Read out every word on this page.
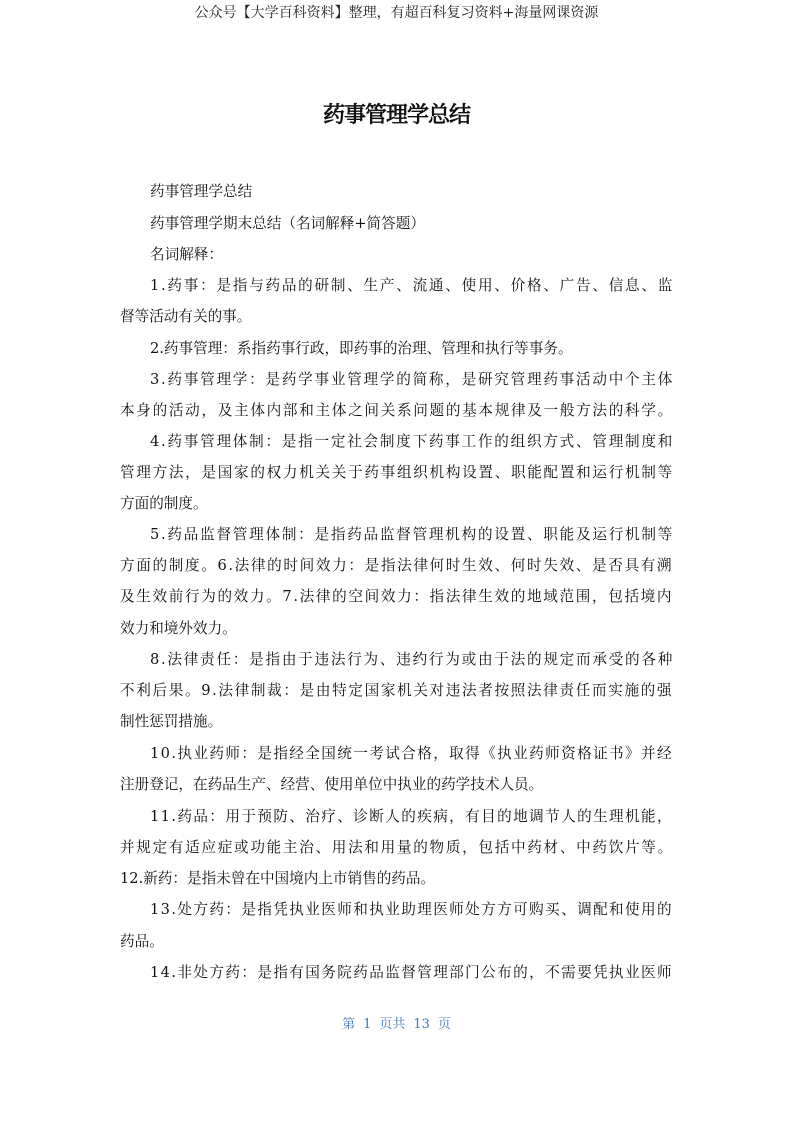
公众号【大学百科资料】整理，有超百科复习资料+海量网课资源
药事管理学总结
药事管理学总结
药事管理学期末总结（名词解释+简答题）
名词解释：
1.药事：是指与药品的研制、生产、流通、使用、价格、广告、信息、监
督等活动有关的事。
2.药事管理：系指药事行政，即药事的治理、管理和执行等事务。
3.药事管理学：是药学事业管理学的简称，是研究管理药事活动中个主体
本身的活动，及主体内部和主体之间关系问题的基本规律及一般方法的科学。
4.药事管理体制：是指一定社会制度下药事工作的组织方式、管理制度和
管理方法，是国家的权力机关关于药事组织机构设置、职能配置和运行机制等
方面的制度。
5.药品监督管理体制：是指药品监督管理机构的设置、职能及运行机制等
方面的制度。6.法律的时间效力：是指法律何时生效、何时失效、是否具有溯
及生效前行为的效力。7.法律的空间效力：指法律生效的地域范围，包括境内
效力和境外效力。
8.法律责任：是指由于违法行为、违约行为或由于法的规定而承受的各种
不利后果。9.法律制裁：是由特定国家机关对违法者按照法律责任而实施的强
制性惩罚措施。
10.执业药师：是指经全国统一考试合格，取得《执业药师资格证书》并经
注册登记，在药品生产、经营、使用单位中执业的药学技术人员。
11.药品：用于预防、治疗、诊断人的疾病，有目的地调节人的生理机能，
并规定有适应症或功能主治、用法和用量的物质，包括中药材、中药饮片等。
12.新药：是指未曾在中国境内上市销售的药品。
13.处方药：是指凭执业医师和执业助理医师处方方可购买、调配和使用的
药品。
14.非处方药：是指有国务院药品监督管理部门公布的，不需要凭执业医师
第 1 页共 13 页
